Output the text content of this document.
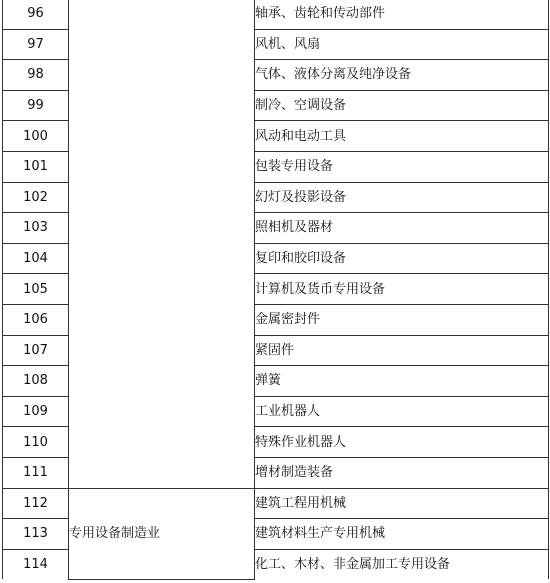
96		轴承、齿轮和传动部件
97		风机、风扇
98		气体、液体分离及纯净设备
99		制冷、空调设备
100		风动和电动工具
101		包装专用设备
102		幻灯及投影设备
103		照相机及器材
104		复印和胶印设备
105		计算机及货币专用设备
106		金属密封件
107		紧固件
108		弹簧
109		工业机器人
110		特殊作业机器人
111		增材制造装备
112	专用设备制造业	建筑工程用机械
113		建筑材料生产专用机械
114		化工、木材、非金属加工专用设备
